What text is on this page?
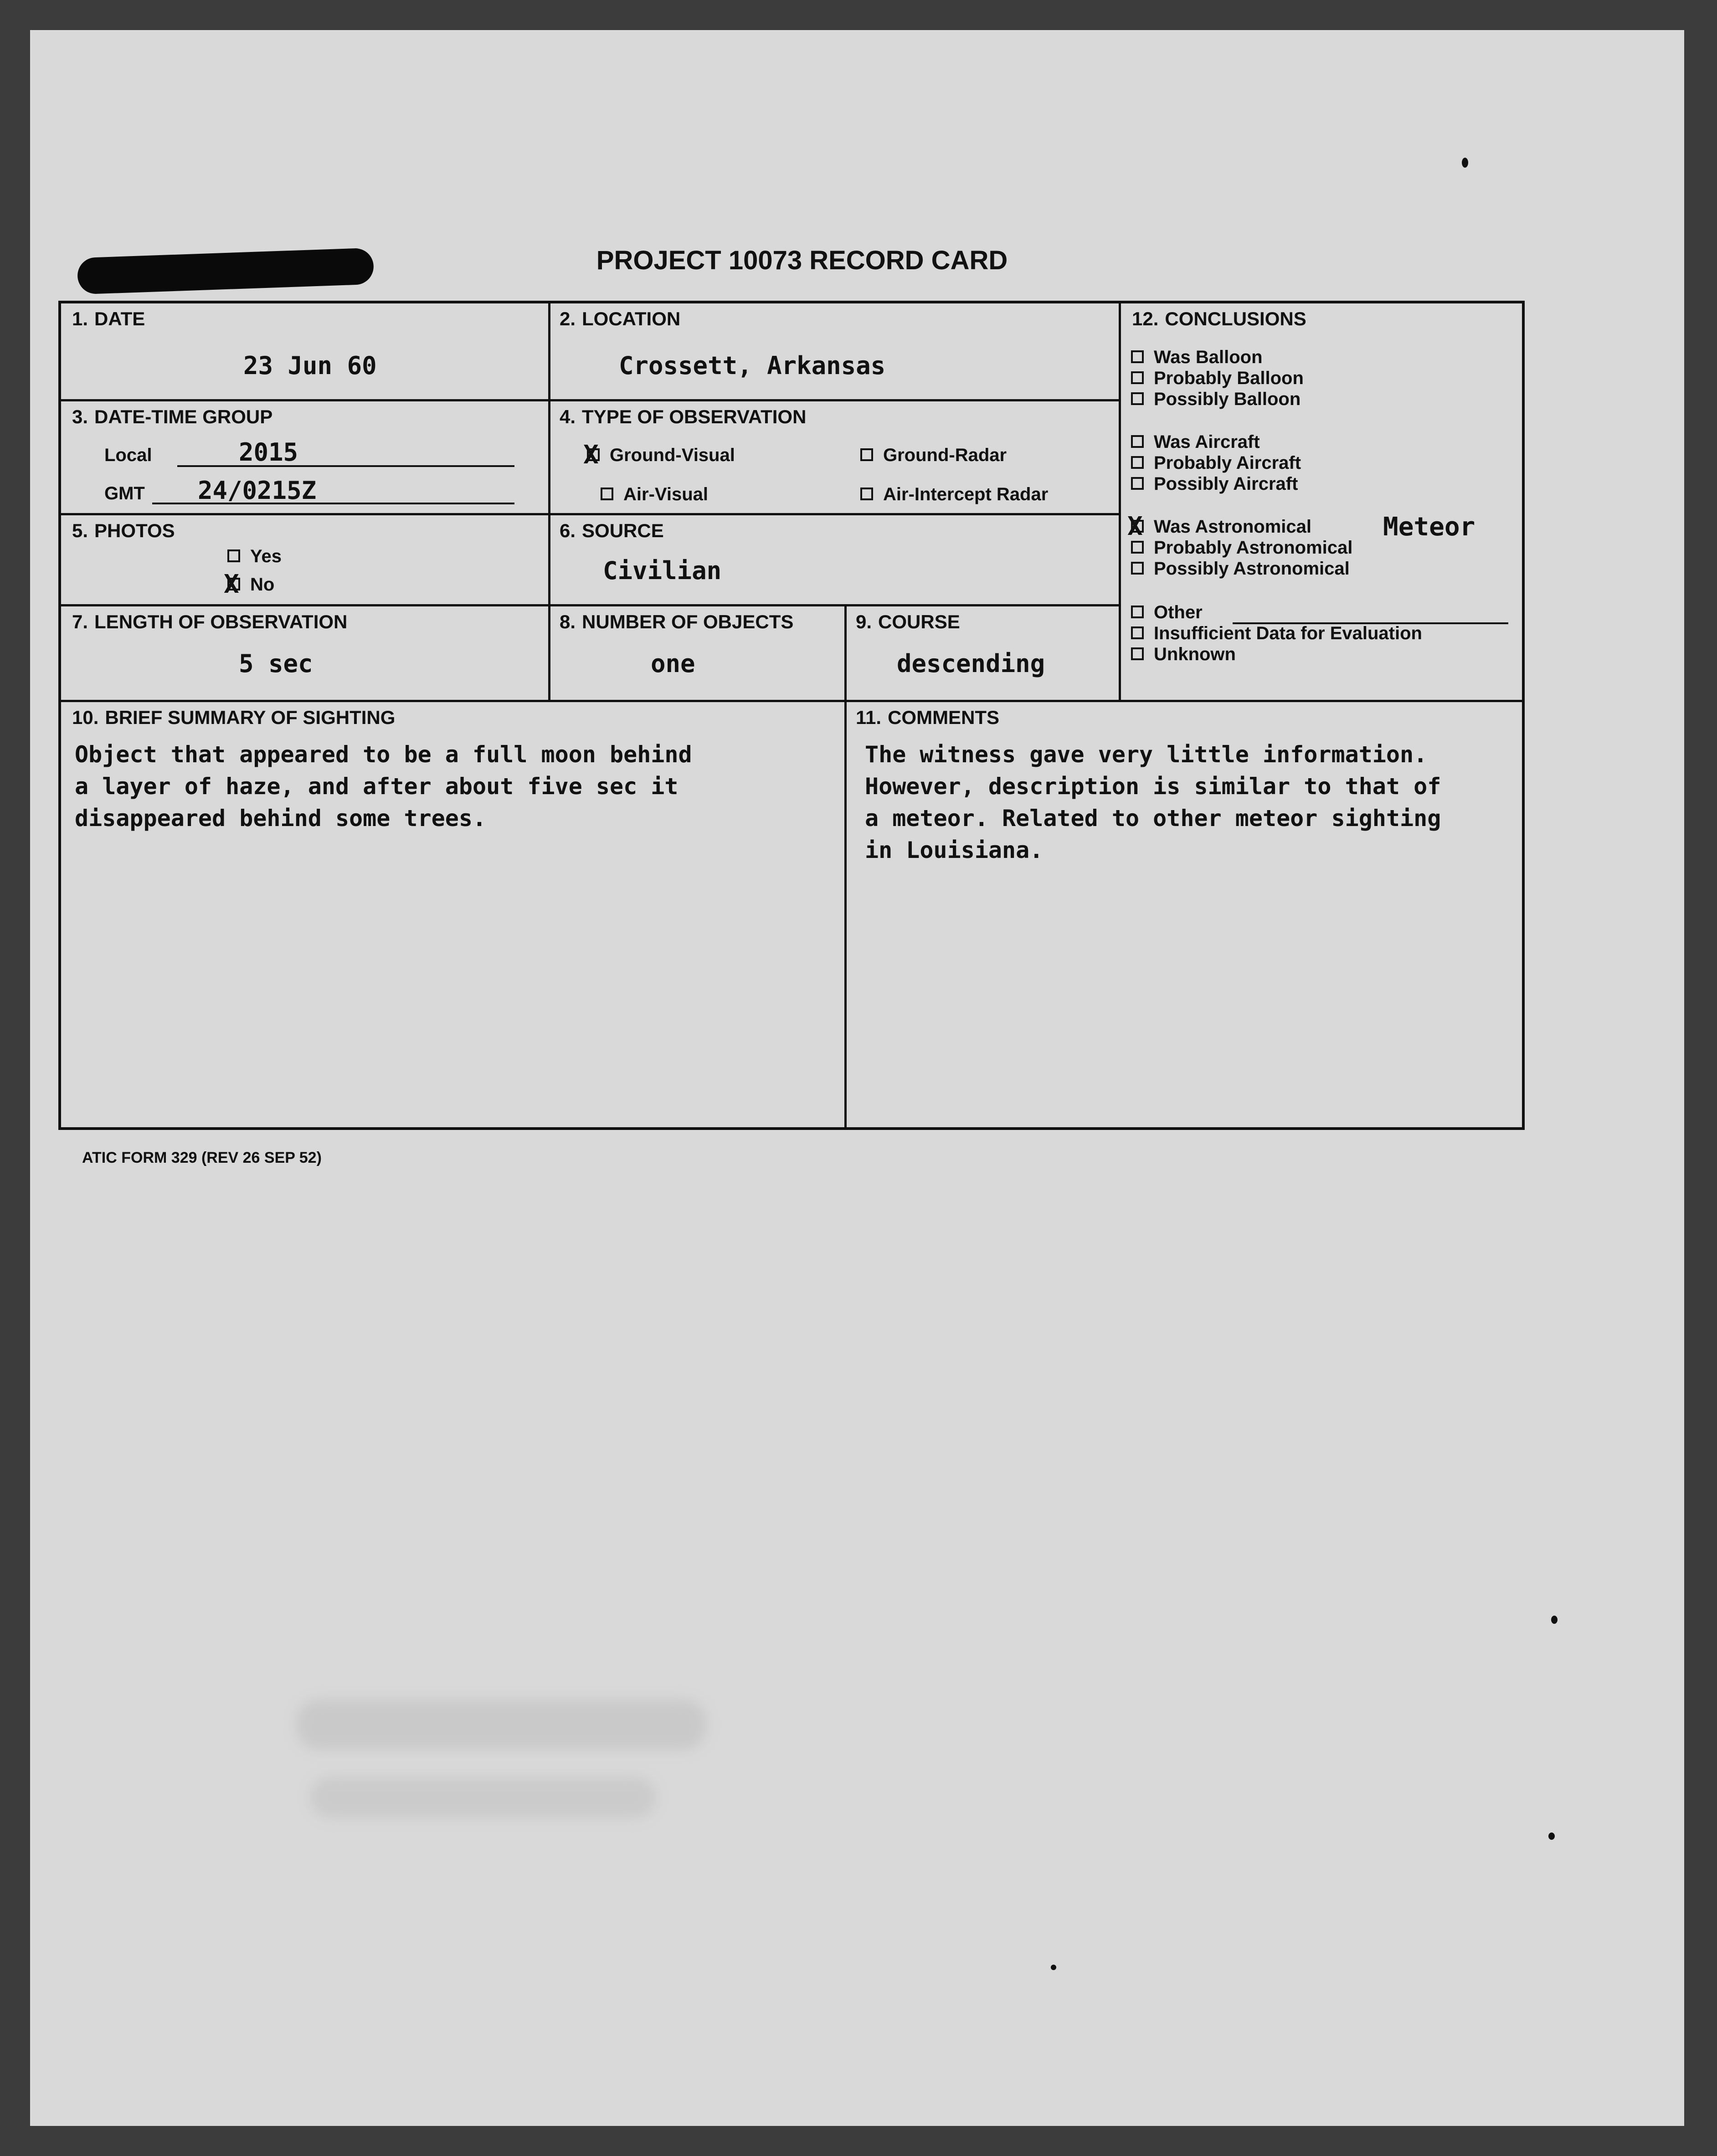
PROJECT 10073 RECORD CARD
1. DATE
23 Jun 60
2. LOCATION
Crossett, Arkansas
3. DATE-TIME GROUP
Local	2015
GMT 24/0215Z
4. TYPE OF OBSERVATION
XGround-Visual	Ground-Radar
Air-Visual	Air-Intercept Radar
5. PHOTOS
Yes
XNo
6. SOURCE
Civilian
7. LENGTH OF OBSERVATION
5 sec
8. NUMBER OF OBJECTS
one
9. COURSE
descending
10. BRIEF SUMMARY OF SIGHTING
Object that appeared to be a full moon behind
a layer of haze, and after about five sec it
disappeared behind some trees.
11. COMMENTS
The witness gave very little information.
However, description is similar to that of
a meteor. Related to other meteor sighting
in Louisiana.
12. CONCLUSIONS
Was Balloon
Probably Balloon
Possibly Balloon
Was Aircraft
Probably Aircraft
Possibly Aircraft
XWas Astronomical	Meteor
Probably Astronomical
Possibly Astronomical
Other
Insufficient Data for Evaluation
Unknown
ATIC FORM 329 (REV 26 SEP 52)
